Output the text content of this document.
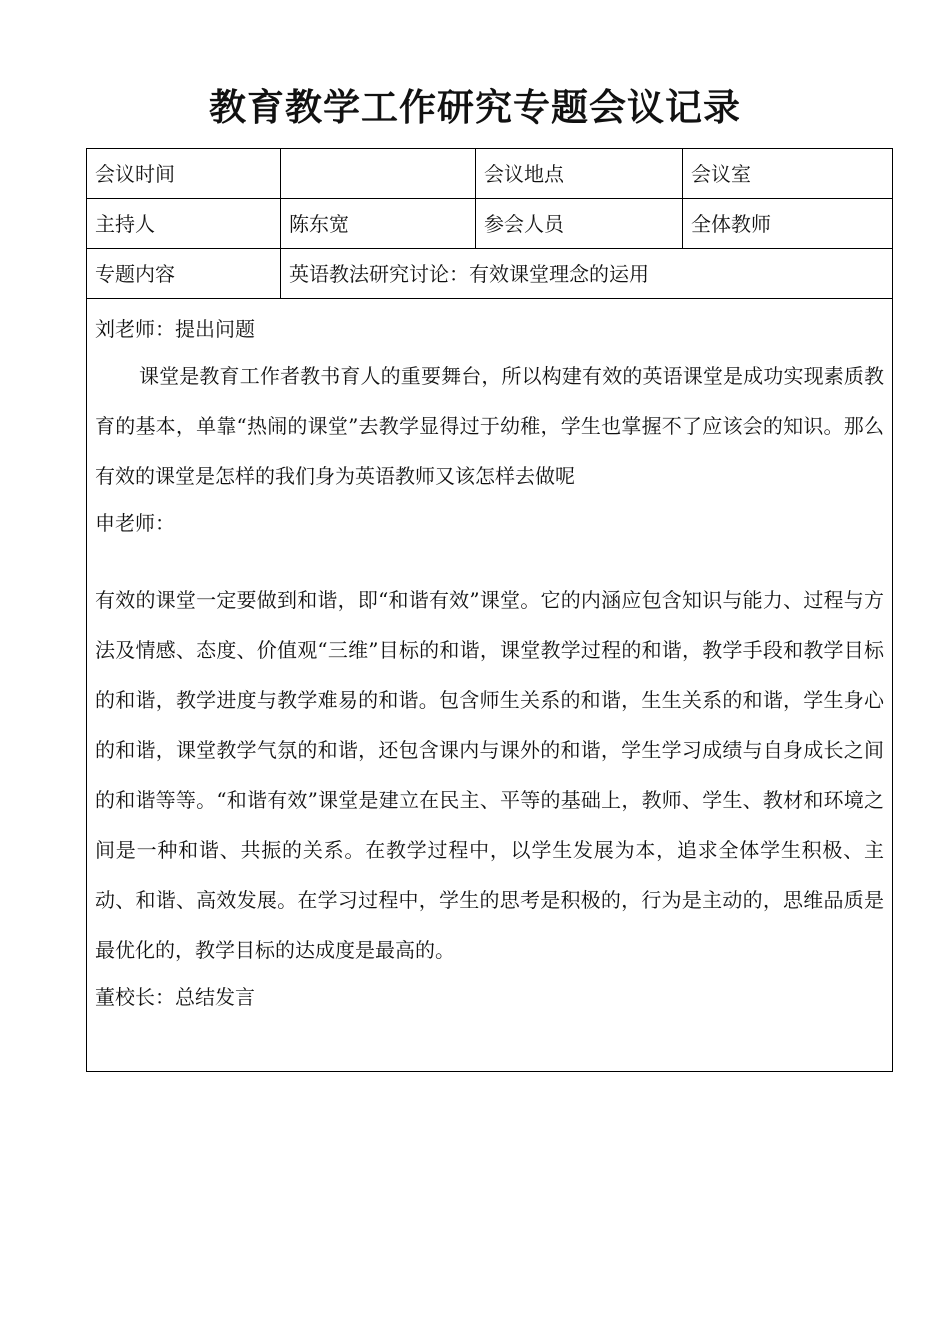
教育教学工作研究专题会议记录
会议时间		会议地点	会议室
主持人	陈东宽	参会人员	全体教师
专题内容	英语教法研究讨论：有效课堂理念的运用		

刘老师：提出问题

课堂是教育工作者教书育人的重要舞台，所以构建有效的英语课堂是成功实现素质教育的基本，单靠“热闹的课堂”去教学显得过于幼稚，学生也掌握不了应该会的知识。那么有效的课堂是怎样的我们身为英语教师又该怎样去做呢

申老师：

有效的课堂一定要做到和谐，即“和谐有效”课堂。它的内涵应包含知识与能力、过程与方法及情感、态度、价值观“三维”目标的和谐，课堂教学过程的和谐，教学手段和教学目标的和谐，教学进度与教学难易的和谐。包含师生关系的和谐，生生关系的和谐，学生身心的和谐，课堂教学气氛的和谐，还包含课内与课外的和谐，学生学习成绩与自身成长之间的和谐等等。“和谐有效”课堂是建立在民主、平等的基础上，教师、学生、教材和环境之间是一种和谐、共振的关系。在教学过程中，以学生发展为本，追求全体学生积极、主动、和谐、高效发展。在学习过程中，学生的思考是积极的，行为是主动的，思维品质是最优化的，教学目标的达成度是最高的。

董校长：总结发言			
